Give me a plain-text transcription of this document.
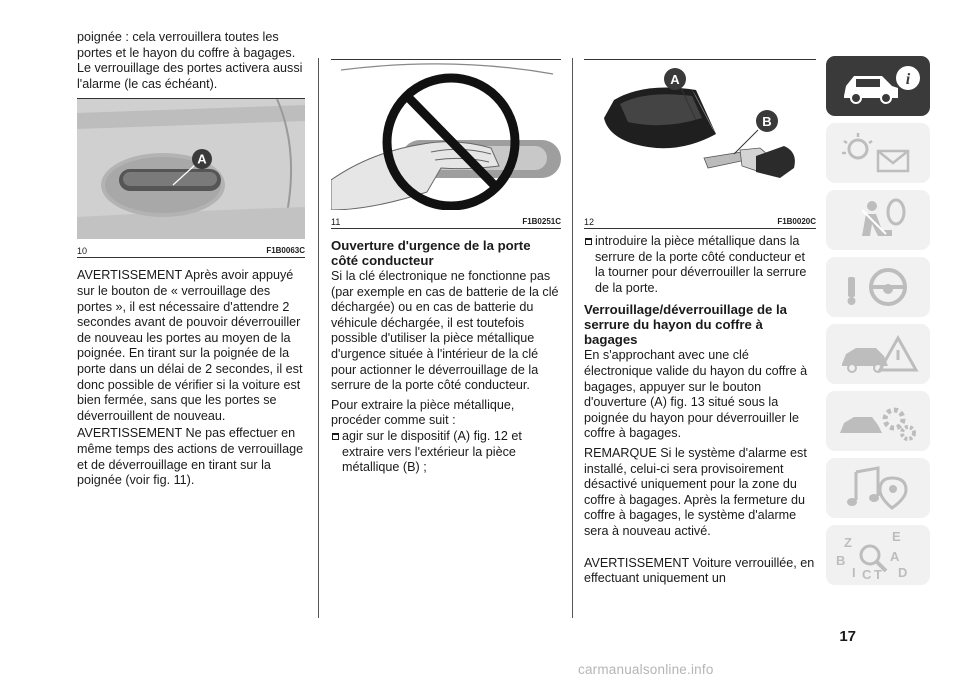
poignée : cela verrouillera toutes les portes et le hayon du coffre à bagages. Le verrouillage des portes activera aussi l'alarme (le cas échéant).

A
10	F1B0063C

AVERTISSEMENT Après avoir appuyé sur le bouton de « verrouillage des portes », il est nécessaire d'attendre 2 secondes avant de pouvoir déverrouiller de nouveau les portes au moyen de la poignée. En tirant sur la poignée de la porte dans un délai de 2 secondes, il est donc possible de vérifier si la voiture est bien fermée, sans que les portes se déverrouillent de nouveau.

AVERTISSEMENT Ne pas effectuer en même temps des actions de verrouillage et de déverrouillage en tirant sur la poignée (voir fig. 11).

11	F1B0251C
Ouverture d'urgence de la porte côté conducteur

Si la clé électronique ne fonctionne pas (par exemple en cas de batterie de la clé déchargée) ou en cas de batterie du véhicule déchargée, il est toutefois possible d'utiliser la pièce métallique d'urgence située à l'intérieur de la clé pour actionner le déverrouillage de la serrure de la porte côté conducteur.

Pour extraire la pièce métallique, procéder comme suit :

agir sur le dispositif (A) fig. 12 et extraire vers l'extérieur la pièce métallique (B) ;
A
B
12	F1B0020C
introduire la pièce métallique dans la serrure de la porte côté conducteur et la tourner pour déverrouiller la serrure de la porte.
Verrouillage/déverrouillage de la serrure du hayon du coffre à bagages

En s'approchant avec une clé électronique valide du hayon du coffre à bagages, appuyer sur le bouton d'ouverture (A) fig. 13 situé sous la poignée du hayon pour déverrouiller le coffre à bagages.

REMARQUE Si le système d'alarme est installé, celui-ci sera provisoirement désactivé uniquement pour la zone du coffre à bagages. Après la fermeture du coffre à bagages, le système d'alarme sera à nouveau activé.

AVERTISSEMENT Voiture verrouillée, en effectuant uniquement un

i
Z	E
B	A
I C T D
17
carmanualsonline.info
